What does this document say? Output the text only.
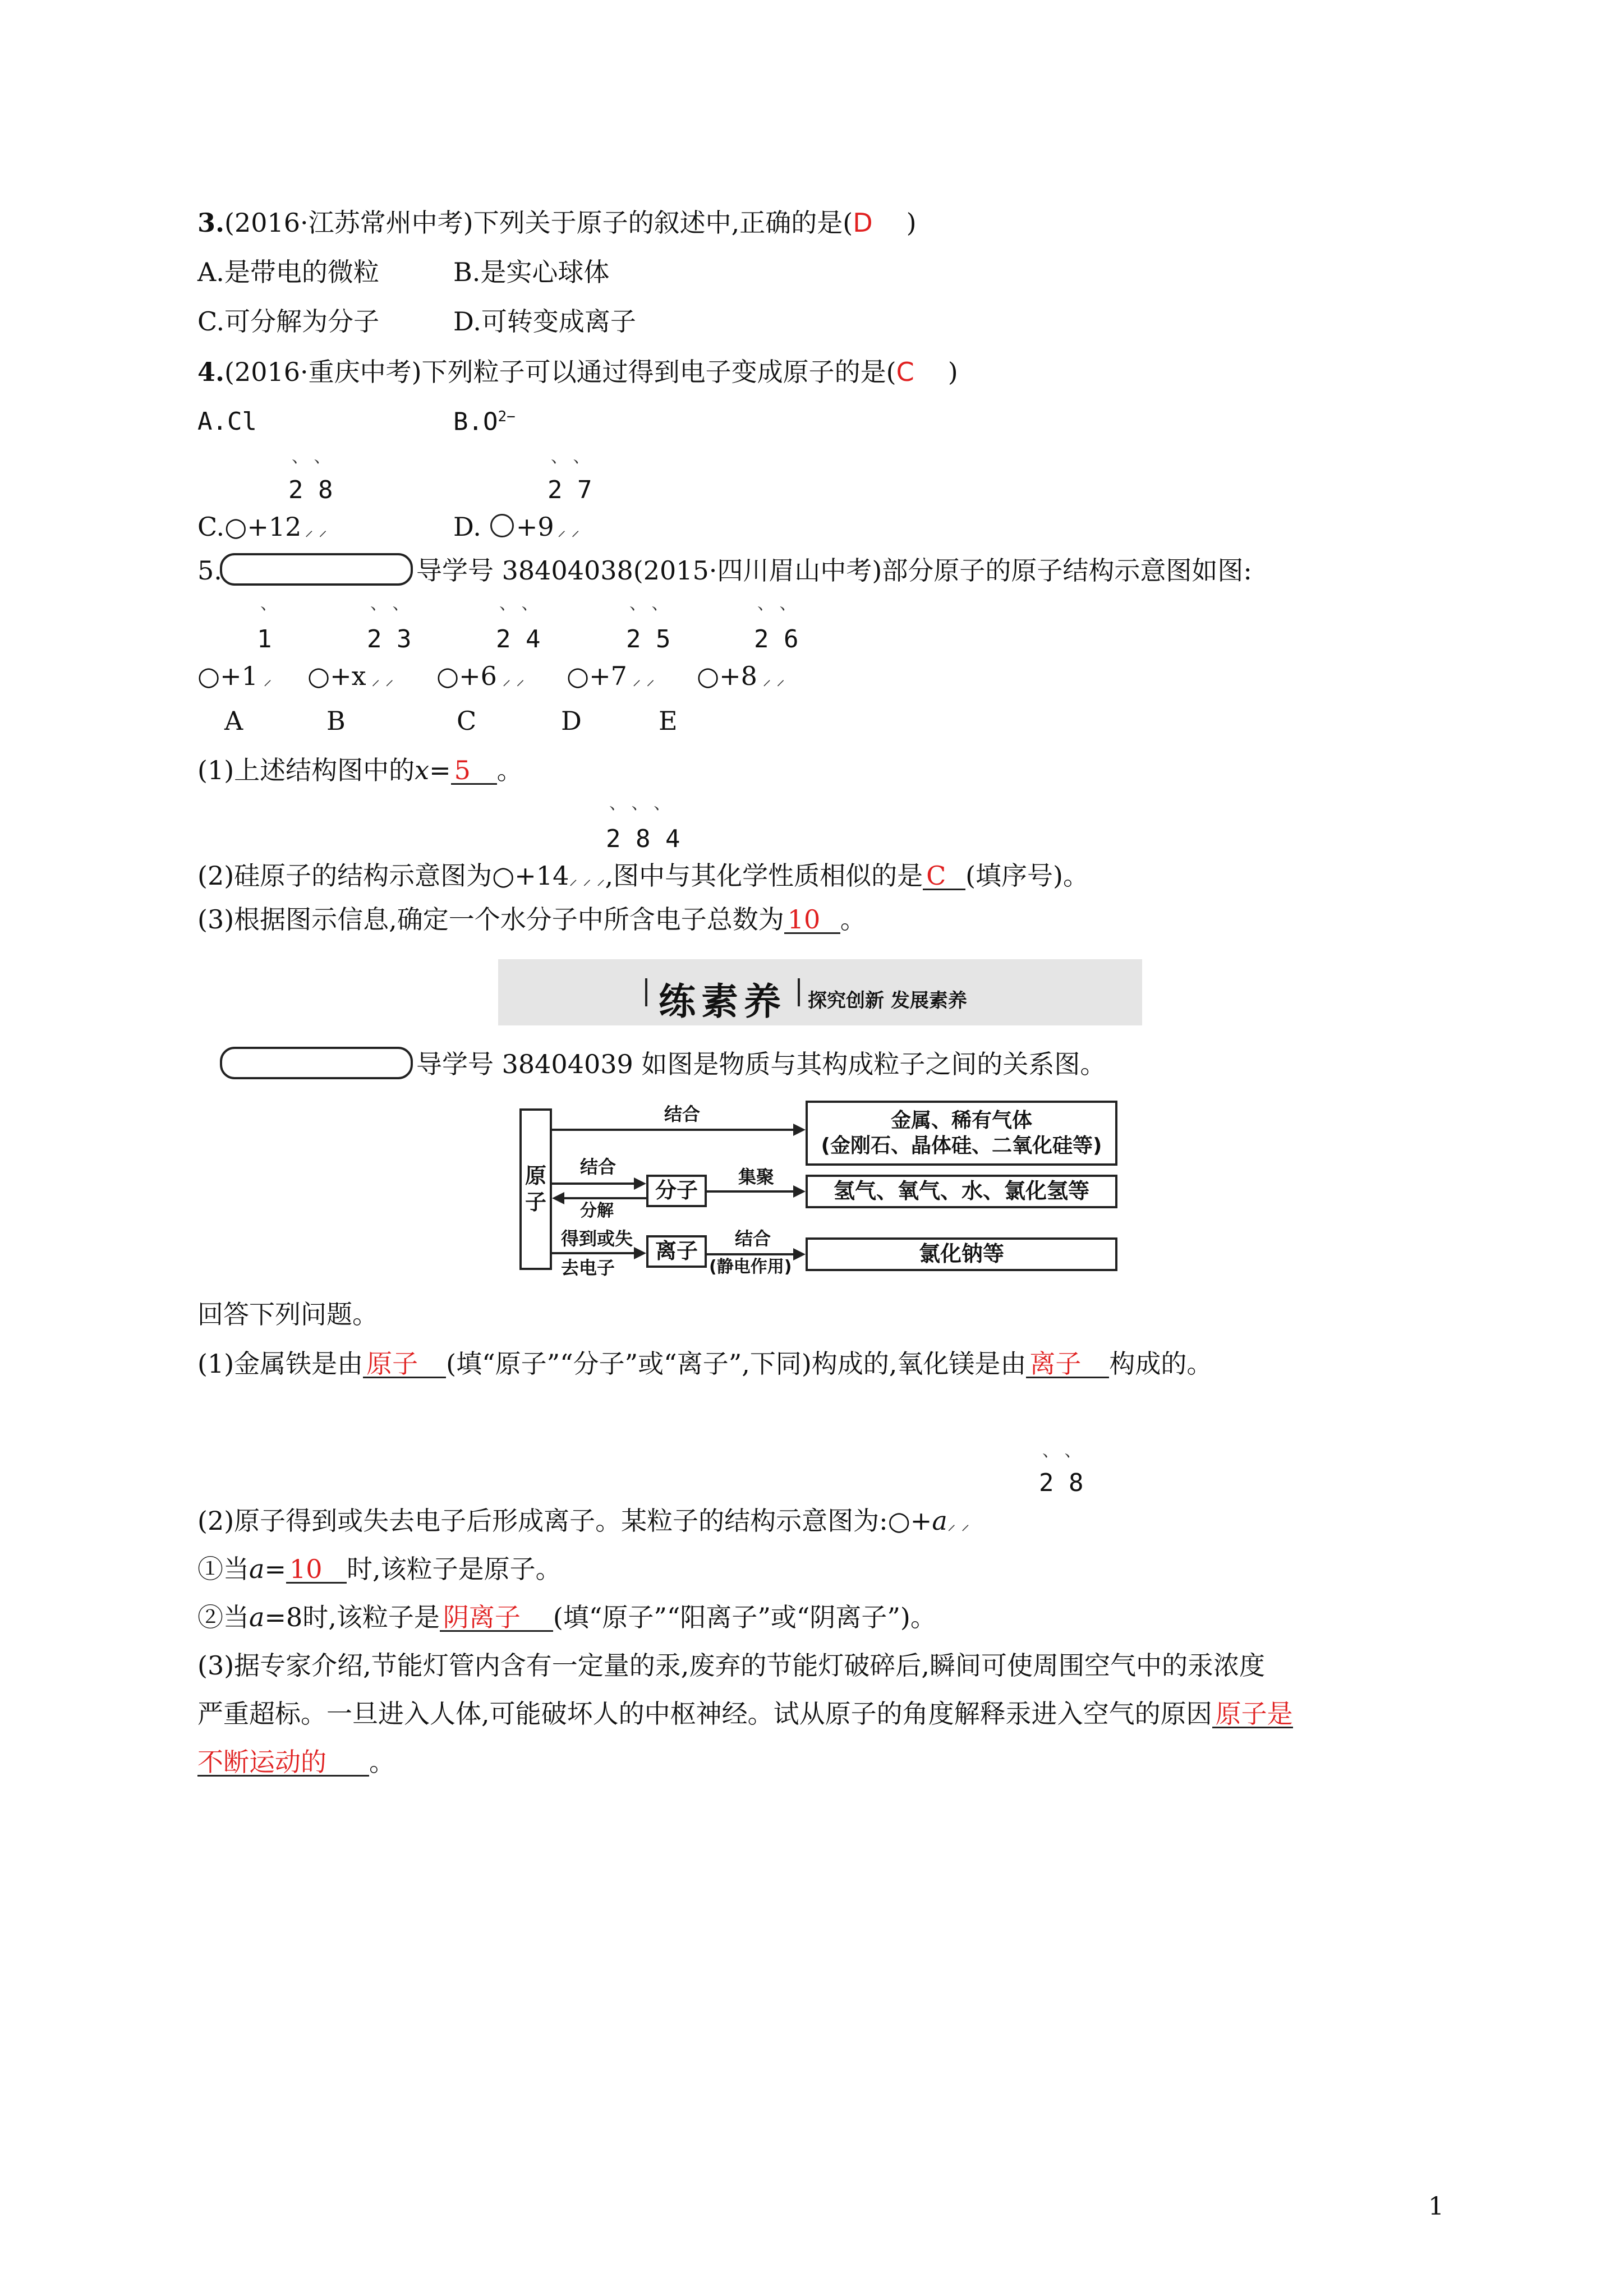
3.(2016·江苏常州中考)下列关于原子的叙述中,正确的是(D )
A.是带电的微粒	B.是实心球体
C.可分解为分子	D.可转变成离子
4.(2016·重庆中考)下列粒子可以通过得到电子变成原子的是(C )
A.Cl	$B.O^{2-}$
、 、
2 8
C.○+12 ⸝ ⸝
、 、
2 7
D. +9 ⸝ ⸝
5.	导学号 38404038(2015·四川眉山中考)部分原子的原子结构示意图如图:
、
1
○+1 ⸝
A
、 、
2 3
○+x ⸝ ⸝
B
、 、
2 4
○+6 ⸝ ⸝
C
、 、
2 5
○+7 ⸝ ⸝
D
、 、
2 6
○+8 ⸝ ⸝
E
(1)上述结构图中的x= 5 。
、 、 、
2 8 4
(2)硅原子的结构示意图为○+14⸝ ⸝ ⸝,图中与其化学性质相似的是 C (填序号)。
(3)根据图示信息,确定一个水分子中所含电子总数为 10 。
练素养 探究创新 发展素养
导学号 38404039 如图是物质与其构成粒子之间的关系图。
原
子	分子
离子
金属、稀有气体
(金刚石、晶体硅、二氧化硅等)
氢气、氧气、水、氯化氢等
氯化钠等
结合
结合
分解
集聚
得到或失
去电子
结合
(静电作用)
回答下列问题。
(1)金属铁是由 原子 (填“原子”“分子”或“离子”,下同)构成的,氧化镁是由 离子 构成的。
、 、
2 8
(2)原子得到或失去电子后形成离子。某粒子的结构示意图为:○+a⸝ ⸝
①当a= 10 时,该粒子是原子。
②当a=8时,该粒子是 阴离子 (填“原子”“阳离子”或“阴离子”)。
(3)据专家介绍,节能灯管内含有一定量的汞,废弃的节能灯破碎后,瞬间可使周围空气中的汞浓度
严重超标。一旦进入人体,可能破坏人的中枢神经。试从原子的角度解释汞进入空气的原因 原子是
不断运动的 。
1
